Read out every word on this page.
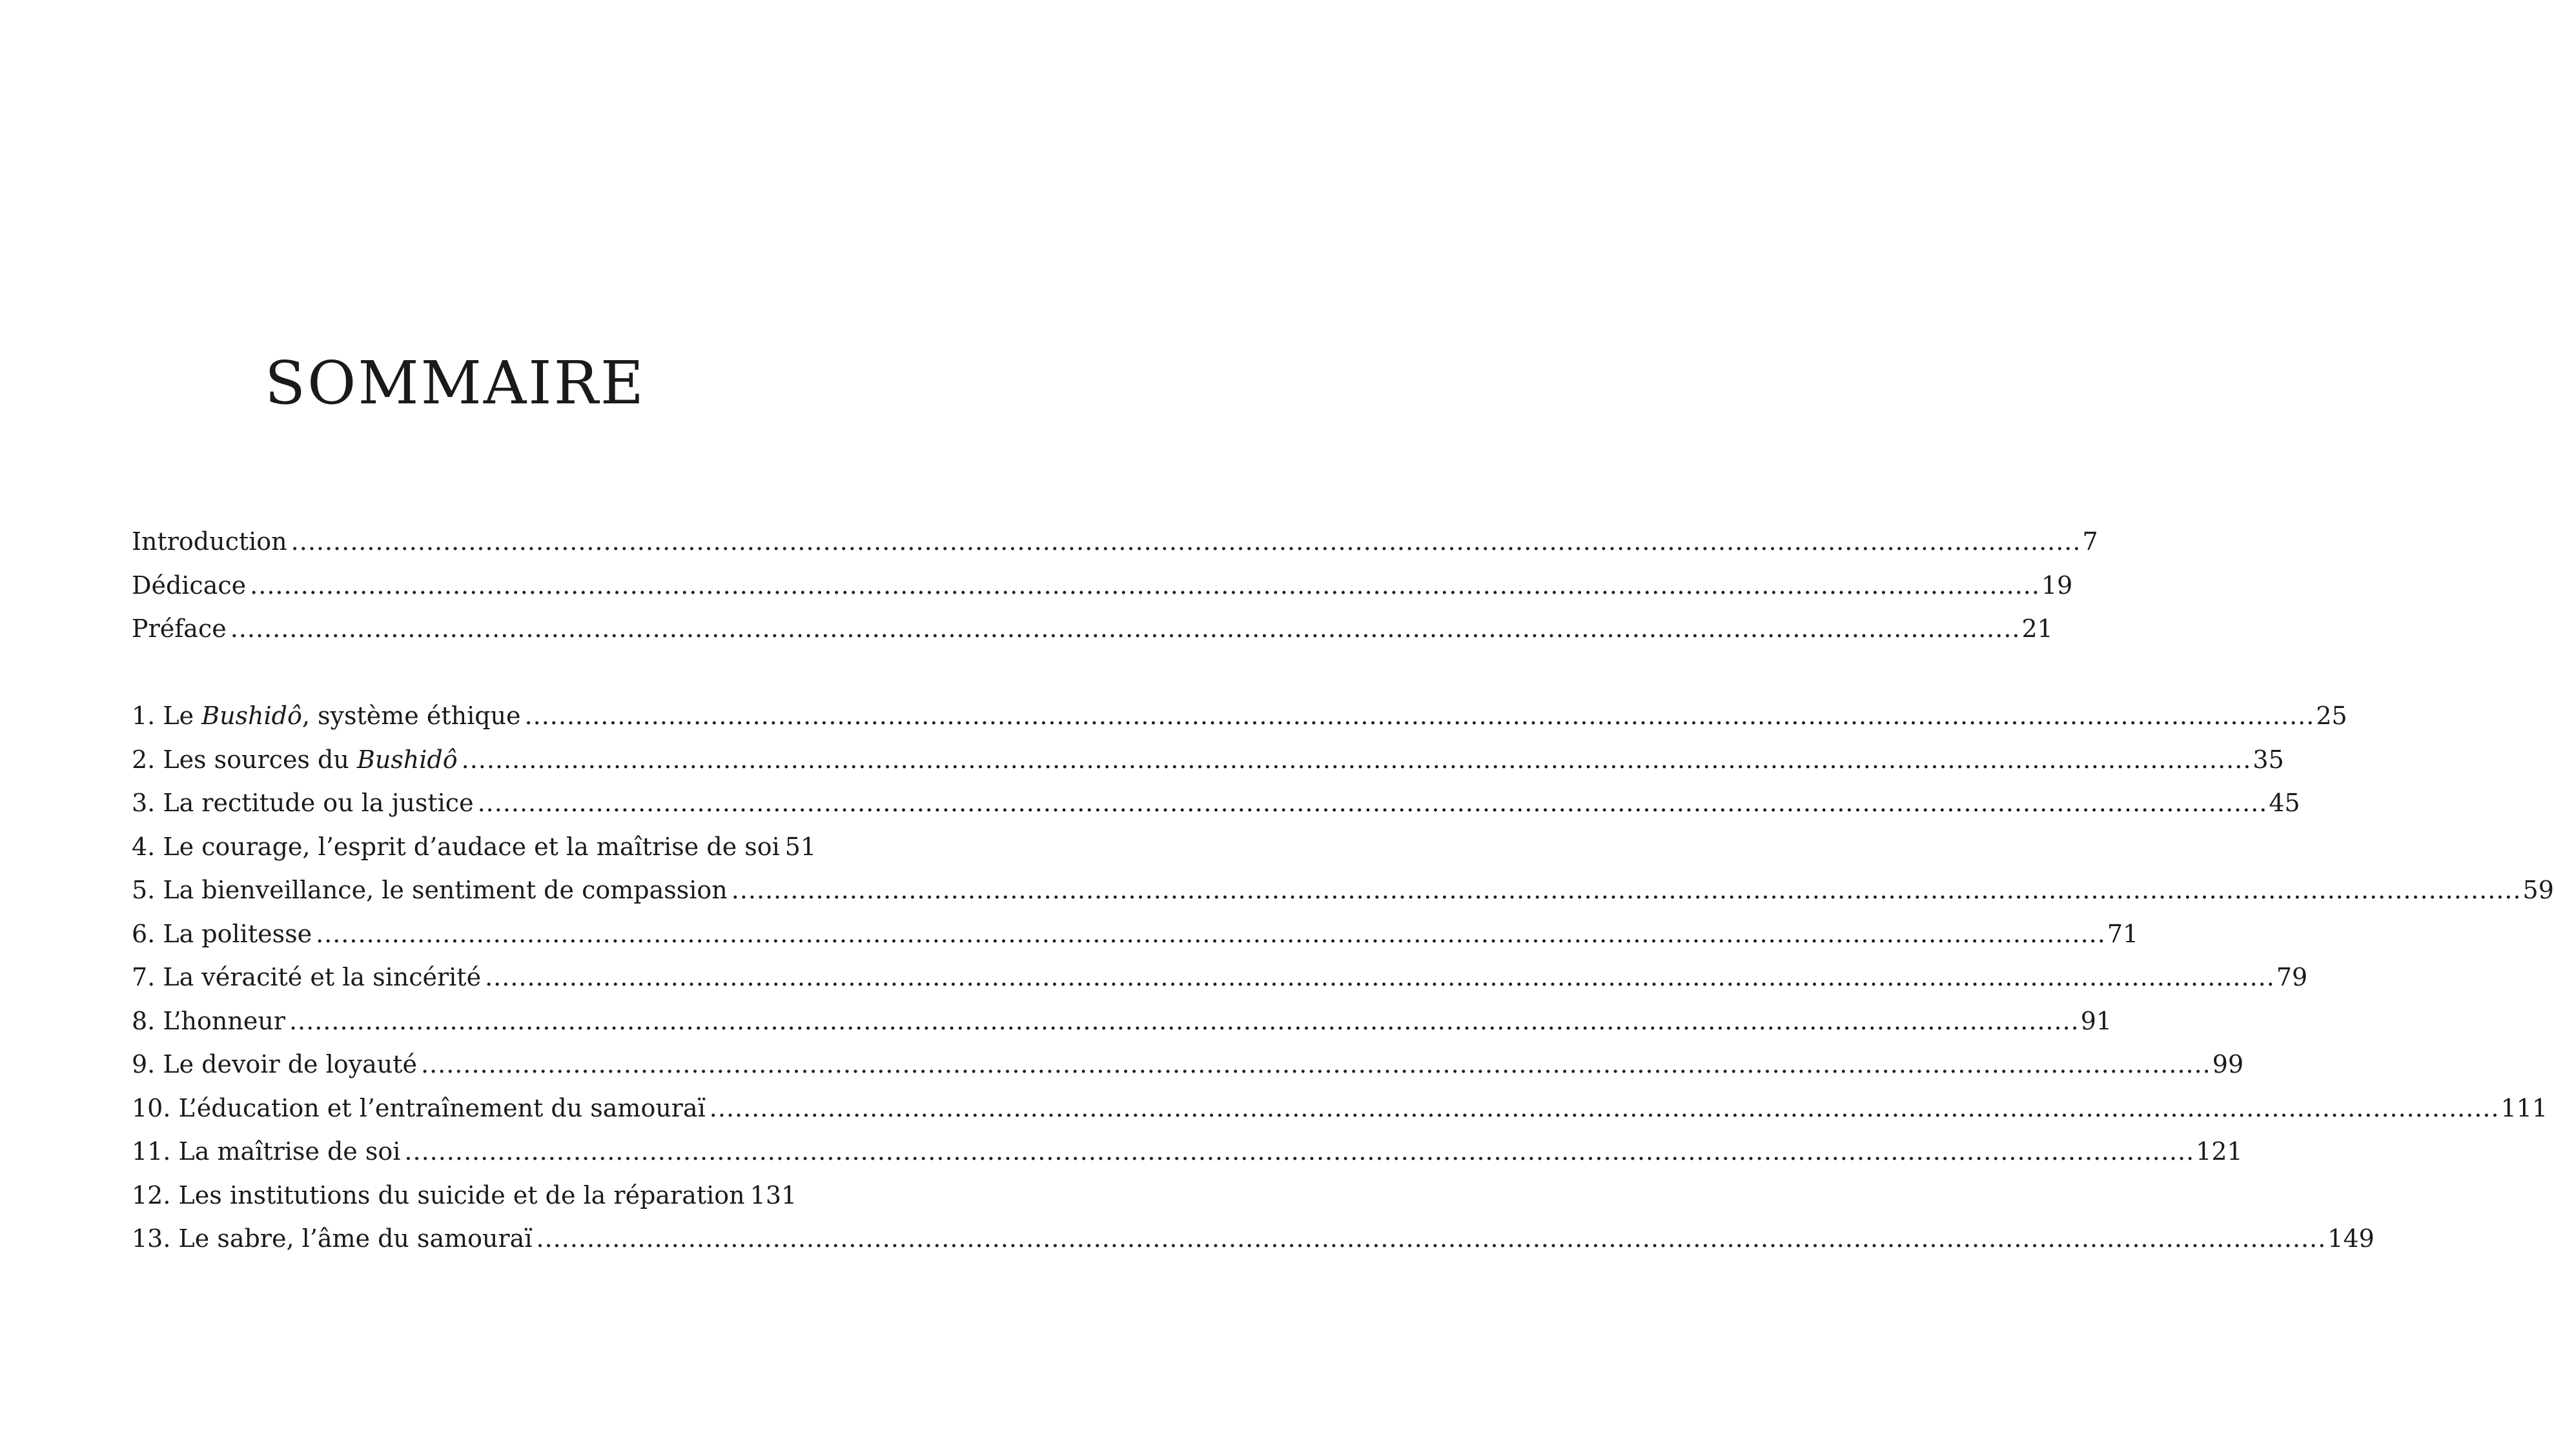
SOMMAIRE
Introduction .....	7
Dédicace .....	19
Préface .....	21
1. Le Bushidô, système éthique .....	25
2. Les sources du Bushidô .....	35
3. La rectitude ou la justice .....	45
4. Le courage, l’esprit d’audace et la maîtrise de soi 51
5. La bienveillance, le sentiment de compassion .....	59
6. La politesse .....	71
7. La véracité et la sincérité .....	79
8. L’honneur .....	91
9. Le devoir de loyauté .....	99
10. L’éducation et l’entraînement du samouraï .....	111
11. La maîtrise de soi .....	121
12. Les institutions du suicide et de la réparation 131
13. Le sabre, l’âme du samouraï .....	149
